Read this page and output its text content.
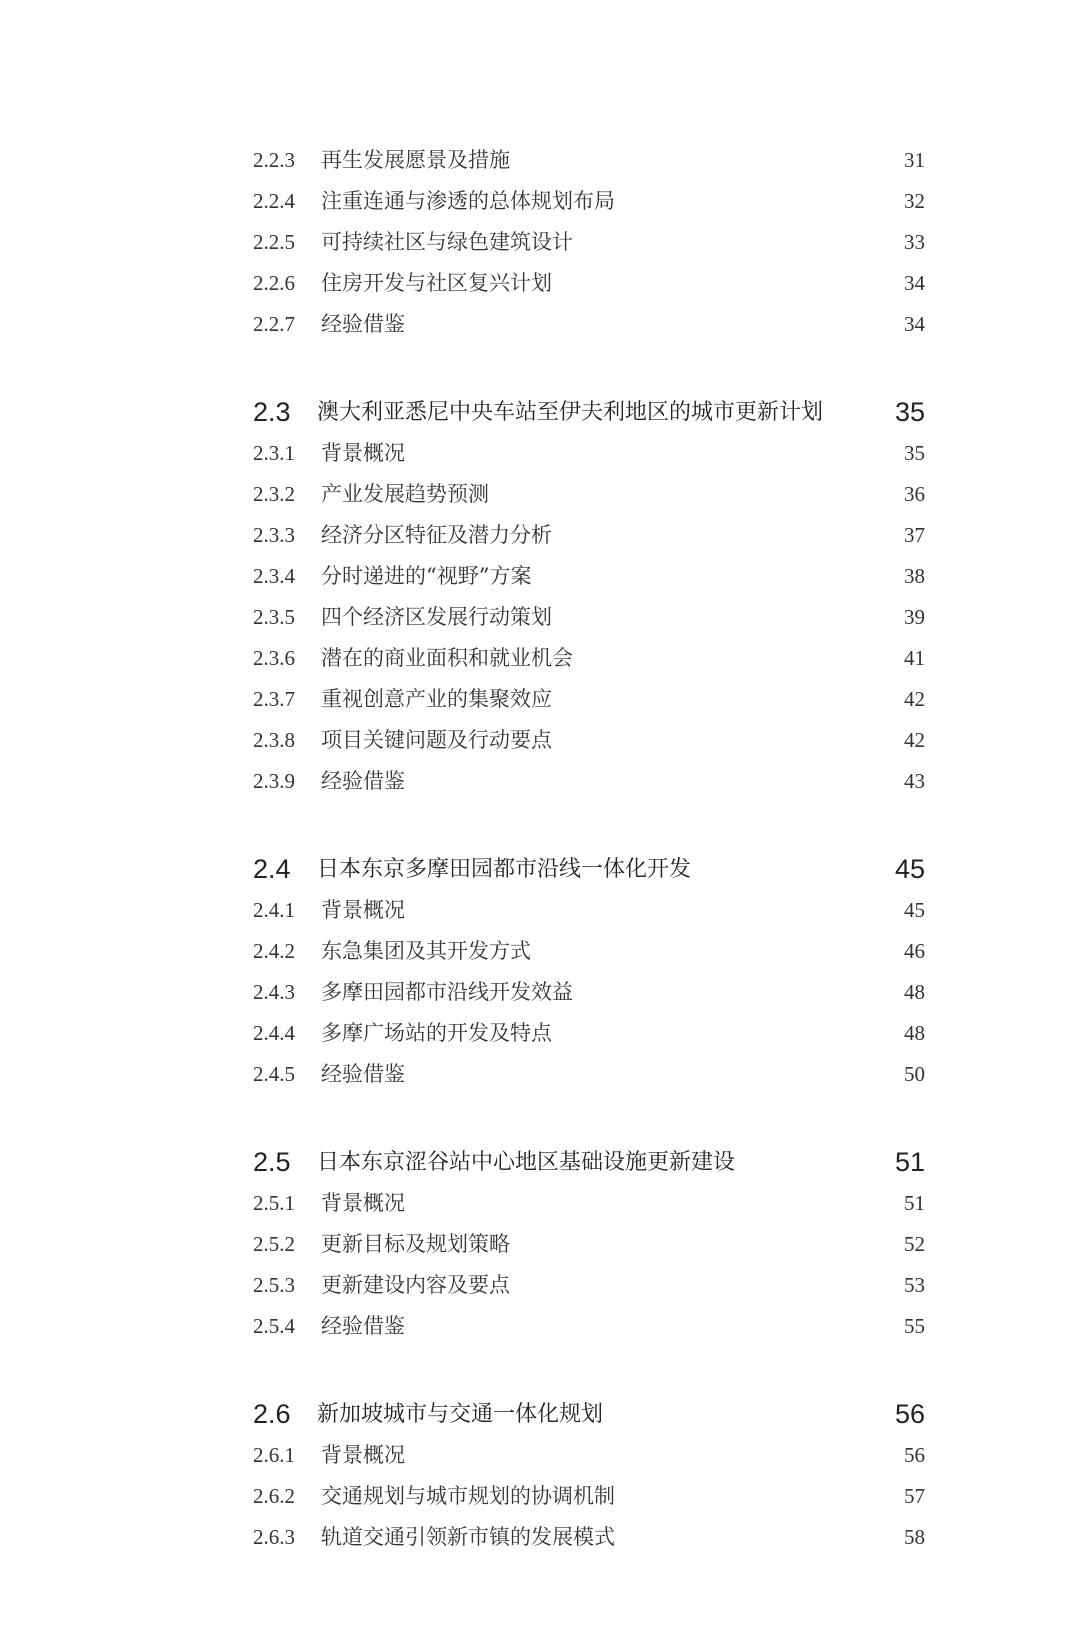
2.2.3 再生发展愿景及措施	31
2.2.4 注重连通与渗透的总体规划布局	32
2.2.5 可持续社区与绿色建筑设计	33
2.2.6 住房开发与社区复兴计划	34
2.2.7 经验借鉴	34
2.3 澳大利亚悉尼中央车站至伊夫利地区的城市更新计划	35
2.3.1 背景概况	35
2.3.2 产业发展趋势预测	36
2.3.3 经济分区特征及潜力分析	37
2.3.4 分时递进的“视野”方案	38
2.3.5 四个经济区发展行动策划	39
2.3.6 潜在的商业面积和就业机会	41
2.3.7 重视创意产业的集聚效应	42
2.3.8 项目关键问题及行动要点	42
2.3.9 经验借鉴	43
2.4 日本东京多摩田园都市沿线一体化开发	45
2.4.1 背景概况	45
2.4.2 东急集团及其开发方式	46
2.4.3 多摩田园都市沿线开发效益	48
2.4.4 多摩广场站的开发及特点	48
2.4.5 经验借鉴	50
2.5 日本东京涩谷站中心地区基础设施更新建设	51
2.5.1 背景概况	51
2.5.2 更新目标及规划策略	52
2.5.3 更新建设内容及要点	53
2.5.4 经验借鉴	55
2.6 新加坡城市与交通一体化规划	56
2.6.1 背景概况	56
2.6.2 交通规划与城市规划的协调机制	57
2.6.3 轨道交通引领新市镇的发展模式	58
